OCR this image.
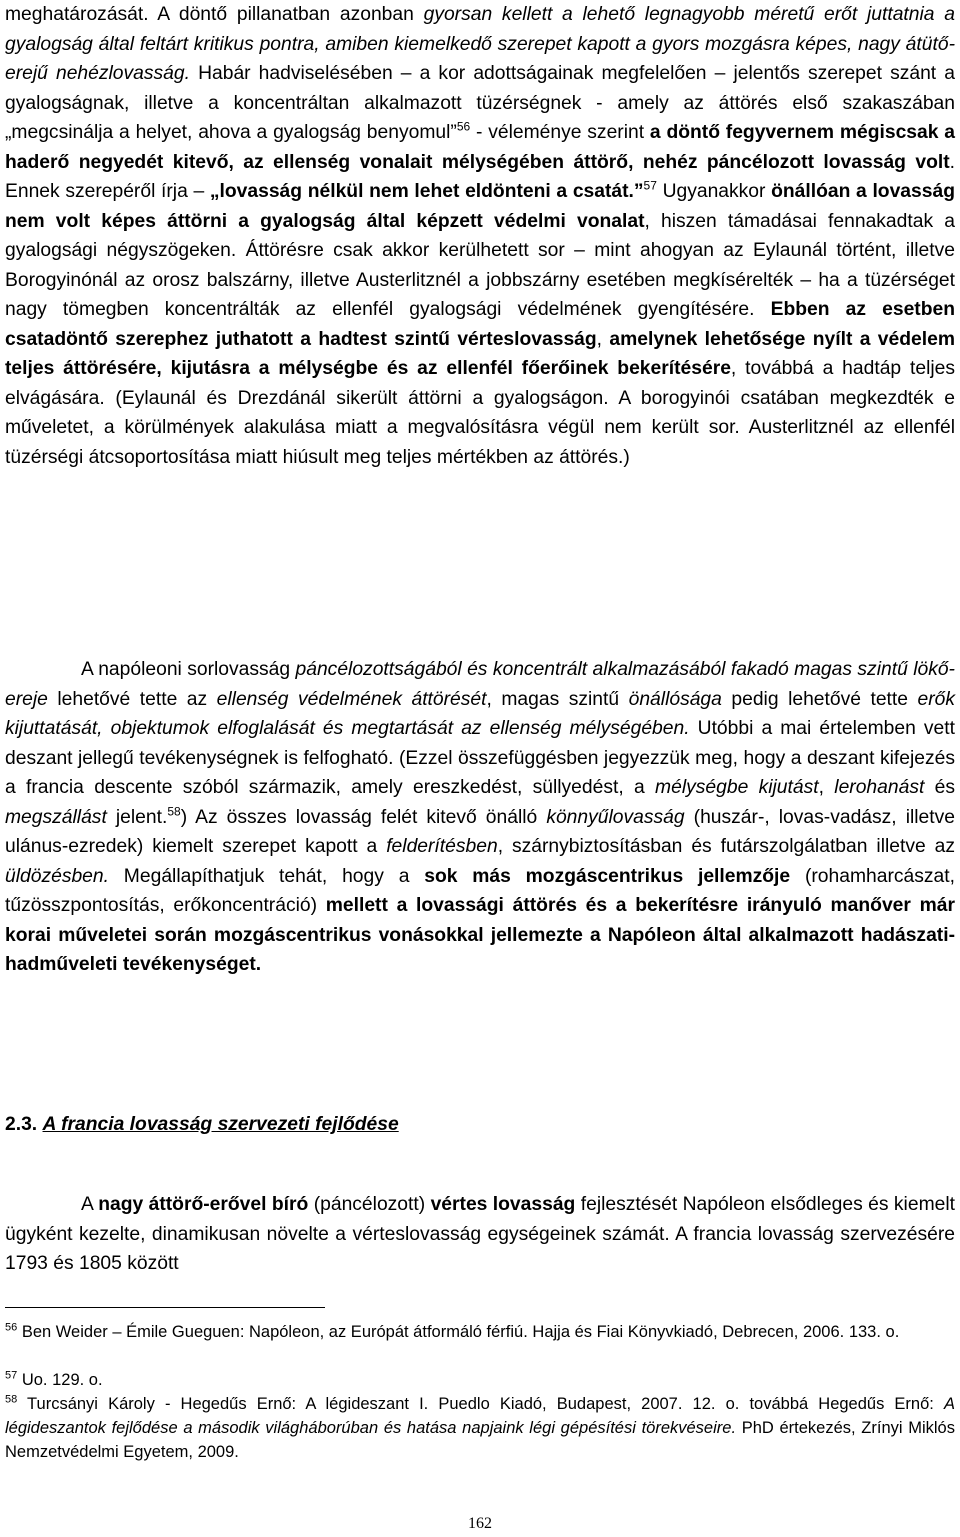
meghatározását. A döntő pillanatban azonban gyorsan kellett a lehető legnagyobb méretű erőt juttatnia a gyalogság által feltárt kritikus pontra, amiben kiemelkedő szerepet kapott a gyors mozgásra képes, nagy átütő-erejű nehézlovasság. Habár hadviselésében – a kor adottságainak megfelelően – jelentős szerepet szánt a gyalogságnak, illetve a koncentráltan alkalmazott tüzérségnek - amely az áttörés első szakaszában „megcsinálja a helyet, ahova a gyalogság benyomul”$^{56}$ - véleménye szerint a döntő fegyvernem mégiscsak a haderő negyedét kitevő, az ellenség vonalait mélységében áttörő, nehéz páncélozott lovasság volt. Ennek szerepéről írja – „lovasság nélkül nem lehet eldönteni a csatát.”$^{57}$ Ugyanakkor önállóan a lovasság nem volt képes áttörni a gyalogság által képzett védelmi vonalat, hiszen támadásai fennakadtak a gyalogsági négyszögeken. Áttörésre csak akkor kerülhetett sor – mint ahogyan az Eylaunál történt, illetve Borogyinónál az orosz balszárny, illetve Austerlitznél a jobbszárny esetében megkísérelték – ha a tüzérséget nagy tömegben koncentrálták az ellenfél gyalogsági védelmének gyengítésére. Ebben az esetben csatadöntő szerephez juthatott a hadtest szintű vérteslovasság, amelynek lehetősége nyílt a védelem teljes áttörésére, kijutásra a mélységbe és az ellenfél főerőinek bekerítésére, továbbá a hadtáp teljes elvágására. (Eylaunál és Drezdánál sikerült áttörni a gyalogságon. A borogyinói csatában megkezdték e műveletet, a körülmények alakulása miatt a megvalósításra végül nem került sor. Austerlitznél az ellenfél tüzérségi átcsoportosítása miatt hiúsult meg teljes mértékben az áttörés.)
A napóleoni sorlovasság páncélozottságából és koncentrált alkalmazásából fakadó magas szintű lökő-ereje lehetővé tette az ellenség védelmének áttörését, magas szintű önállósága pedig lehetővé tette erők kijuttatását, objektumok elfoglalását és megtartását az ellenség mélységében. Utóbbi a mai értelemben vett deszant jellegű tevékenységnek is felfogható. (Ezzel összefüggésben jegyezzük meg, hogy a deszant kifejezés a francia descente szóból származik, amely ereszkedést, süllyedést, a mélységbe kijutást, lerohanást és megszállást jelent.$^{58}$) Az összes lovasság felét kitevő önálló könnyűlovasság (huszár-, lovas-vadász, illetve ulánus-ezredek) kiemelt szerepet kapott a felderítésben, szárnybiztosításban és futárszolgálatban illetve az üldözésben. Megállapíthatjuk tehát, hogy a sok más mozgáscentrikus jellemzője (rohamharcászat, tűzösszpontosítás, erőkoncentráció) mellett a lovassági áttörés és a bekerítésre irányuló manőver már korai műveletei során mozgáscentrikus vonásokkal jellemezte a Napóleon által alkalmazott hadászati-hadműveleti tevékenységet.
2.3. A francia lovasság szervezeti fejlődése
A nagy áttörő-erővel bíró (páncélozott) vértes lovasság fejlesztését Napóleon elsődleges és kiemelt ügyként kezelte, dinamikusan növelte a vérteslovasság egységeinek számát. A francia lovasság szervezésére 1793 és 1805 között
$^{56}$ Ben Weider – Émile Gueguen: Napóleon, az Európát átformáló férfiú. Hajja és Fiai Könyvkiadó, Debrecen, 2006. 133. o.
$^{57}$ Uo. 129. o.
$^{58}$ Turcsányi Károly - Hegedűs Ernő: A légideszant I. Puedlo Kiadó, Budapest, 2007. 12. o. továbbá Hegedűs Ernő: A légideszantok fejlődése a második világháborúban és hatása napjaink légi gépésítési törekvéseire. PhD értekezés, Zrínyi Miklós Nemzetvédelmi Egyetem, 2009.
162
